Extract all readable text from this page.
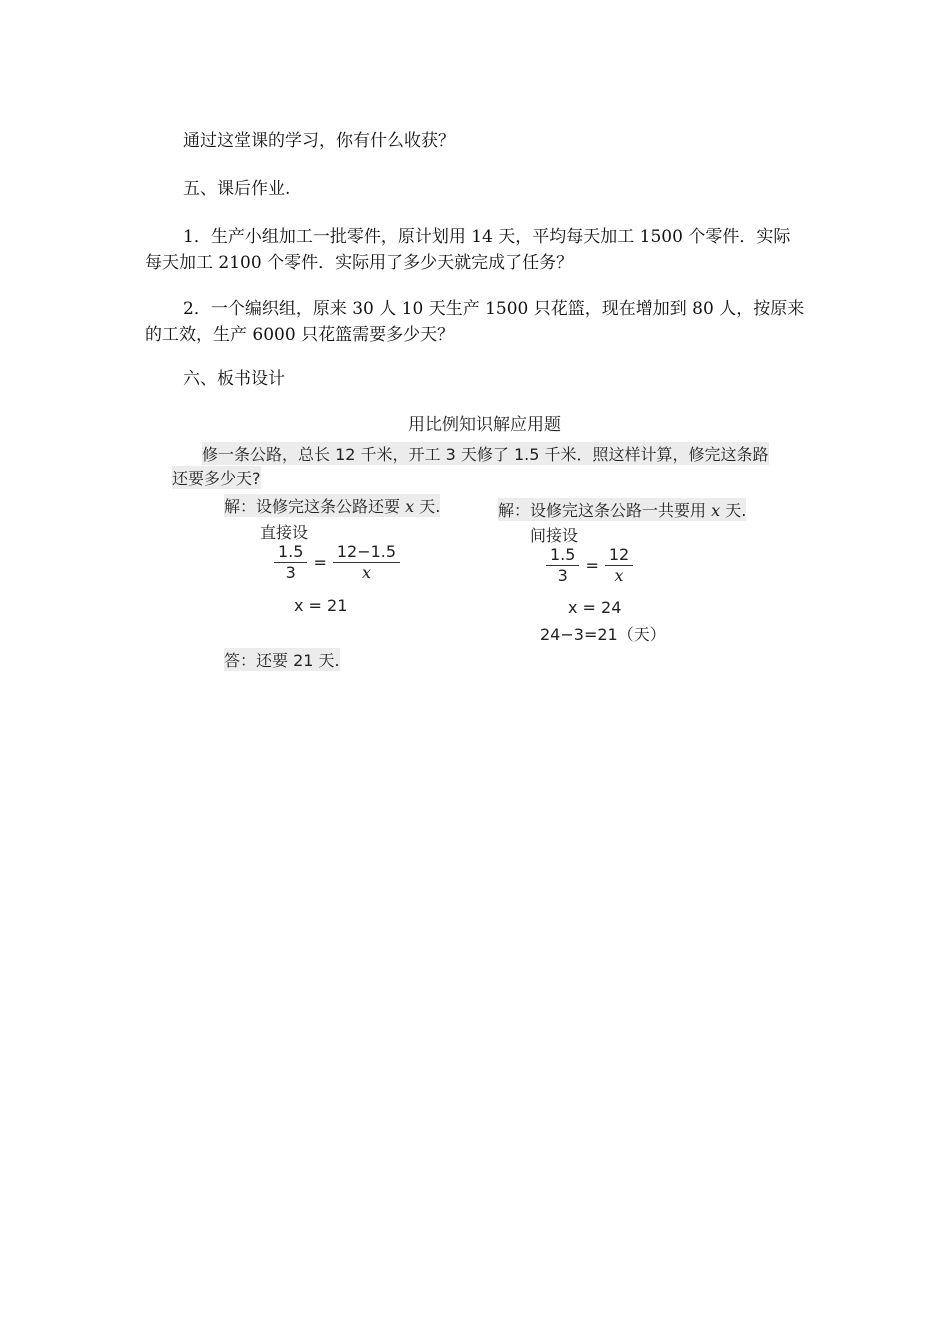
通过这堂课的学习，你有什么收获？

五、课后作业.

1．生产小组加工一批零件，原计划用 14 天，平均每天加工 1500 个零件．实际每天加工 2100 个零件．实际用了多少天就完成了任务？

2．一个编织组，原来 30 人 10 天生产 1500 只花篮，现在增加到 80 人，按原来的工效，生产 6000 只花篮需要多少天？

六、板书设计

用比例知识解应用题
修一条公路，总长 12 千米，开工 3 天修了 1.5 千米．照这样计算，修完这条路
还要多少天?
解：设修完这条公路还要 x 天.
直接设
$\frac{1.5}{3} = \frac{12-1.5}{x}$
x = 21
答：还要 21 天.
解：设修完这条公路一共要用 x 天.
间接设
$\frac{1.5}{3} = \frac{12}{x}$
x = 24
24−3=21（天）
